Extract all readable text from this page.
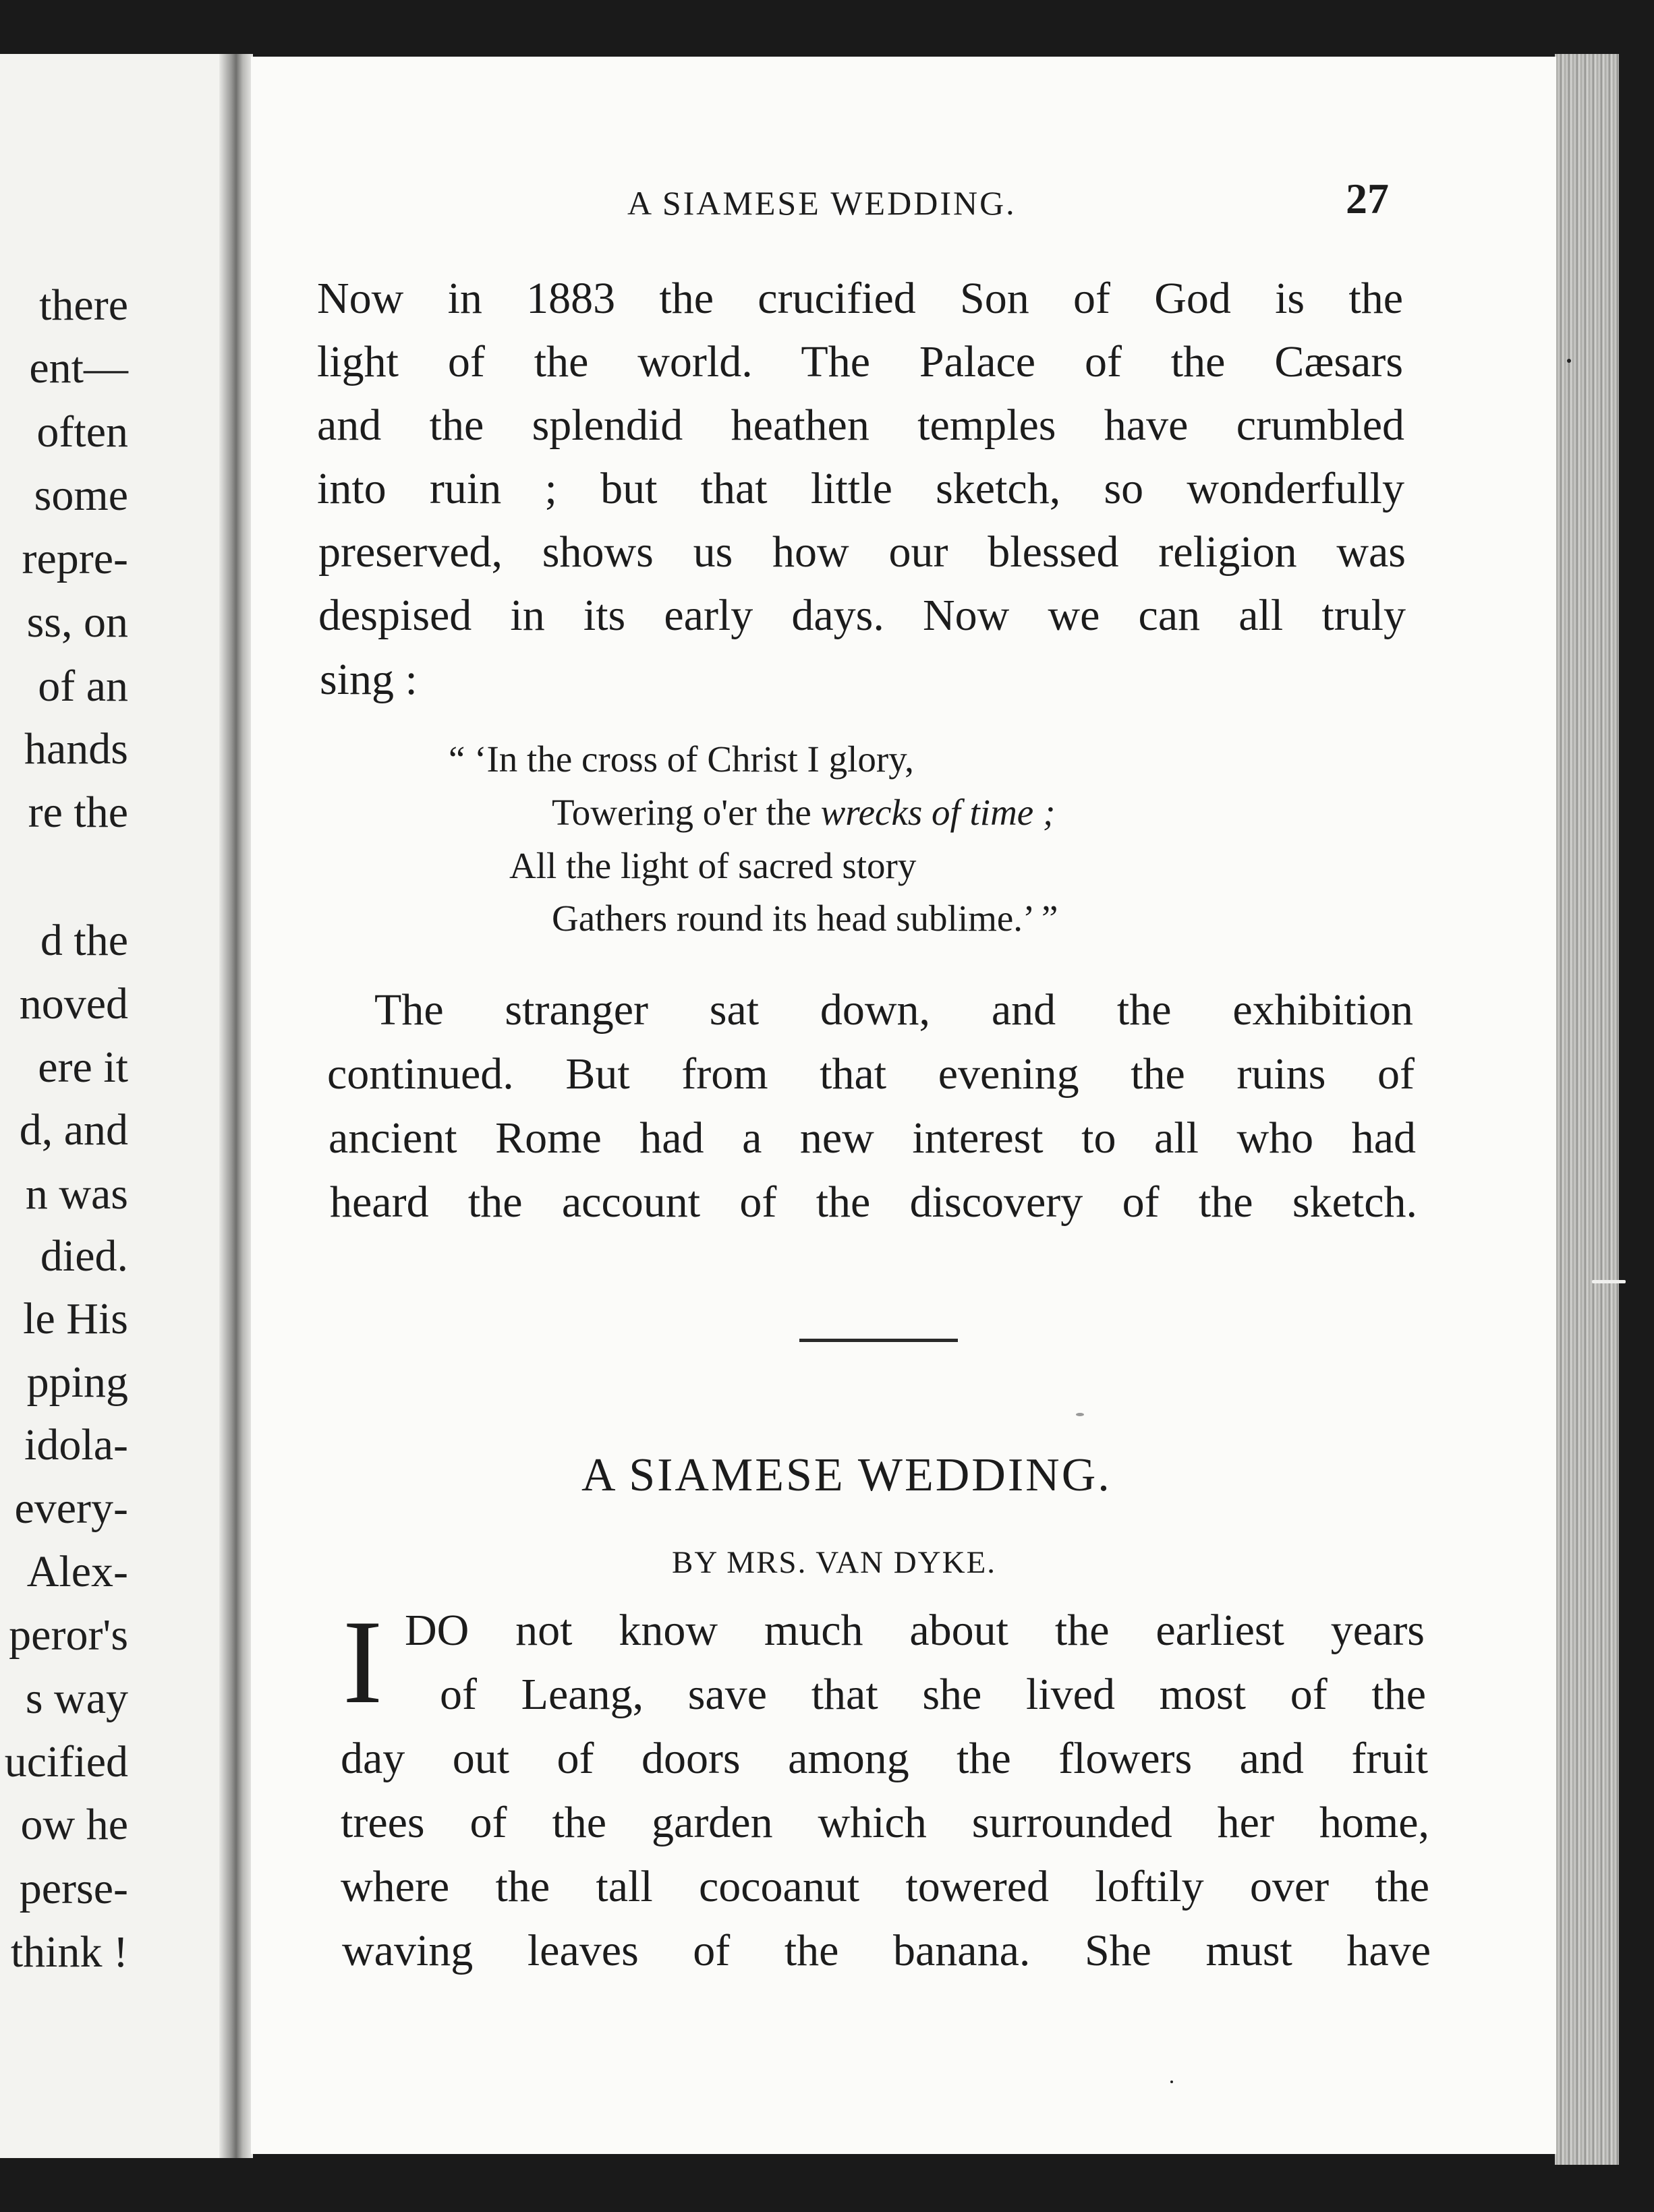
there
ent—
often
some
repre-
ss, on
of an
hands
re the
d the
noved
ere it
d, and
n was
died.
le His
pping
idola-
every-
Alex-
peror's
s way
ucified
ow he
perse-
think !
A SIAMESE WEDDING.	27
Now in 1883 the crucified Son of God is the
light of the world. The Palace of the Cæsars
and the splendid heathen temples have crumbled
into ruin ; but that little sketch, so wonderfully
preserved, shows us how our blessed religion was
despised in its early days. Now we can all truly
sing :
“ ‘In the cross of Christ I glory,
Towering o'er the wrecks of time ;
All the light of sacred story
Gathers round its head sublime.’ ”
The stranger sat down, and the exhibition
continued. But from that evening the ruins of
ancient Rome had a new interest to all who had
heard the account of the discovery of the sketch.
A SIAMESE WEDDING.
BY MRS. VAN DYKE.
I DO not know much about the earliest years
of Leang, save that she lived most of the
day out of doors among the flowers and fruit
trees of the garden which surrounded her home,
where the tall cocoanut towered loftily over the
waving leaves of the banana. She must have
